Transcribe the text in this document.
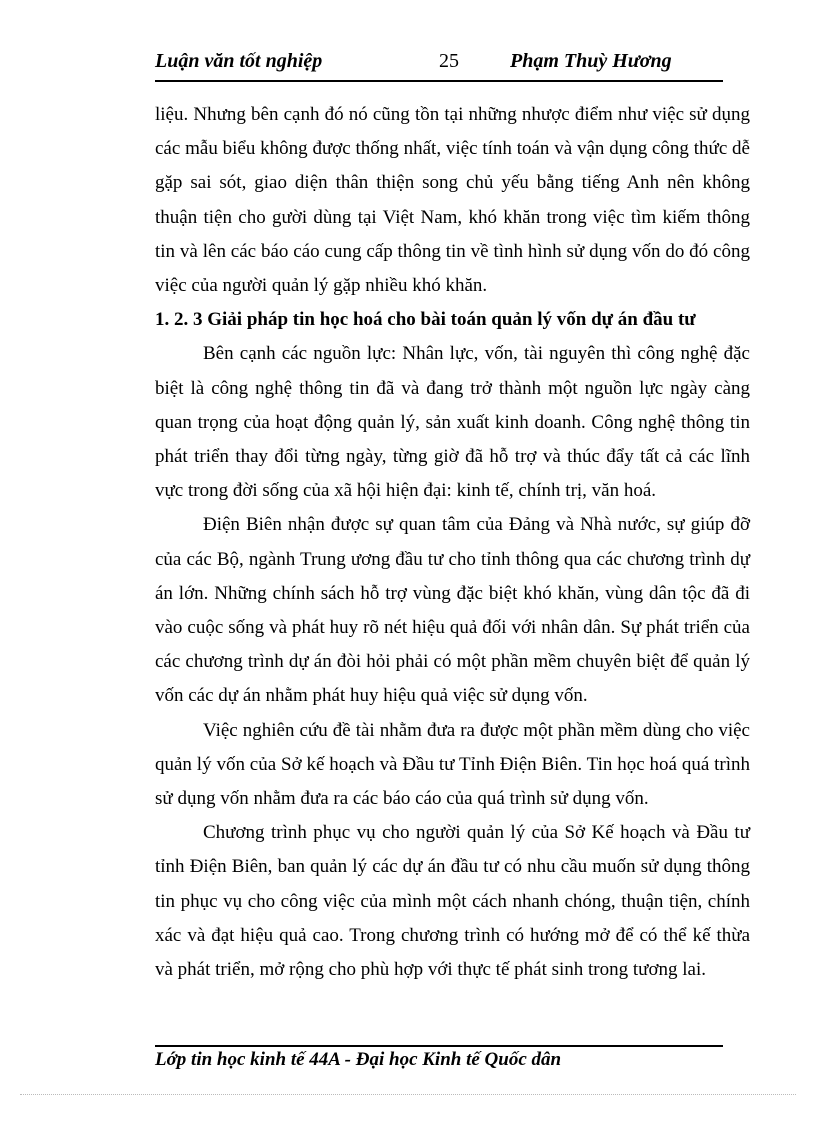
Luận văn tốt nghiệp	25	Phạm Thuỳ Hương

liệu. Nhưng bên cạnh đó nó cũng tồn tại những nhược điểm như việc sử dụng các mẫu biểu không được thống nhất, việc tính toán và vận dụng công thức dễ gặp sai sót, giao diện thân thiện song chủ yếu bằng tiếng Anh nên không thuận tiện cho gười dùng tại Việt Nam, khó khăn trong việc tìm kiếm thông tin và lên các báo cáo cung cấp thông tin về tình hình sử dụng vốn do đó công việc của người quản lý gặp nhiều khó khăn.

1. 2. 3 Giải pháp tin học hoá cho bài toán quản lý vốn dự án đầu tư

Bên cạnh các nguồn lực: Nhân lực, vốn, tài nguyên thì công nghệ đặc biệt là công nghệ thông tin đã và đang trở thành một nguồn lực ngày càng quan trọng của hoạt động quản lý, sản xuất kinh doanh. Công nghệ thông tin phát triển thay đổi từng ngày, từng giờ đã hỗ trợ và thúc đẩy tất cả các lĩnh vực trong đời sống của xã hội hiện đại: kinh tế, chính trị, văn hoá.

Điện Biên nhận được sự quan tâm của Đảng và Nhà nước, sự giúp đỡ của các Bộ, ngành Trung ương đầu tư cho tỉnh thông qua các chương trình dự án lớn. Những chính sách hỗ trợ vùng đặc biệt khó khăn, vùng dân tộc đã đi vào cuộc sống và phát huy rõ nét hiệu quả đối với nhân dân. Sự phát triển của các chương trình dự án đòi hỏi phải có một phần mềm chuyên biệt để quản lý vốn các dự án nhằm phát huy hiệu quả việc sử dụng vốn.

Việc nghiên cứu đề tài nhằm đưa ra được một phần mềm dùng cho việc quản lý vốn của Sở kế hoạch và Đầu tư Tỉnh Điện Biên. Tin học hoá quá trình sử dụng vốn nhằm đưa ra các báo cáo của quá trình sử dụng vốn.

Chương trình phục vụ cho người quản lý của Sở Kế hoạch và Đầu tư tỉnh Điện Biên, ban quản lý các dự án đầu tư có nhu cầu muốn sử dụng thông tin phục vụ cho công việc của mình một cách nhanh chóng, thuận tiện, chính xác và đạt hiệu quả cao. Trong chương trình có hướng mở để có thể kế thừa và phát triển, mở rộng cho phù hợp với thực tế phát sinh trong tương lai.

Lớp tin học kinh tế 44A - Đại học Kinh tế Quốc dân
